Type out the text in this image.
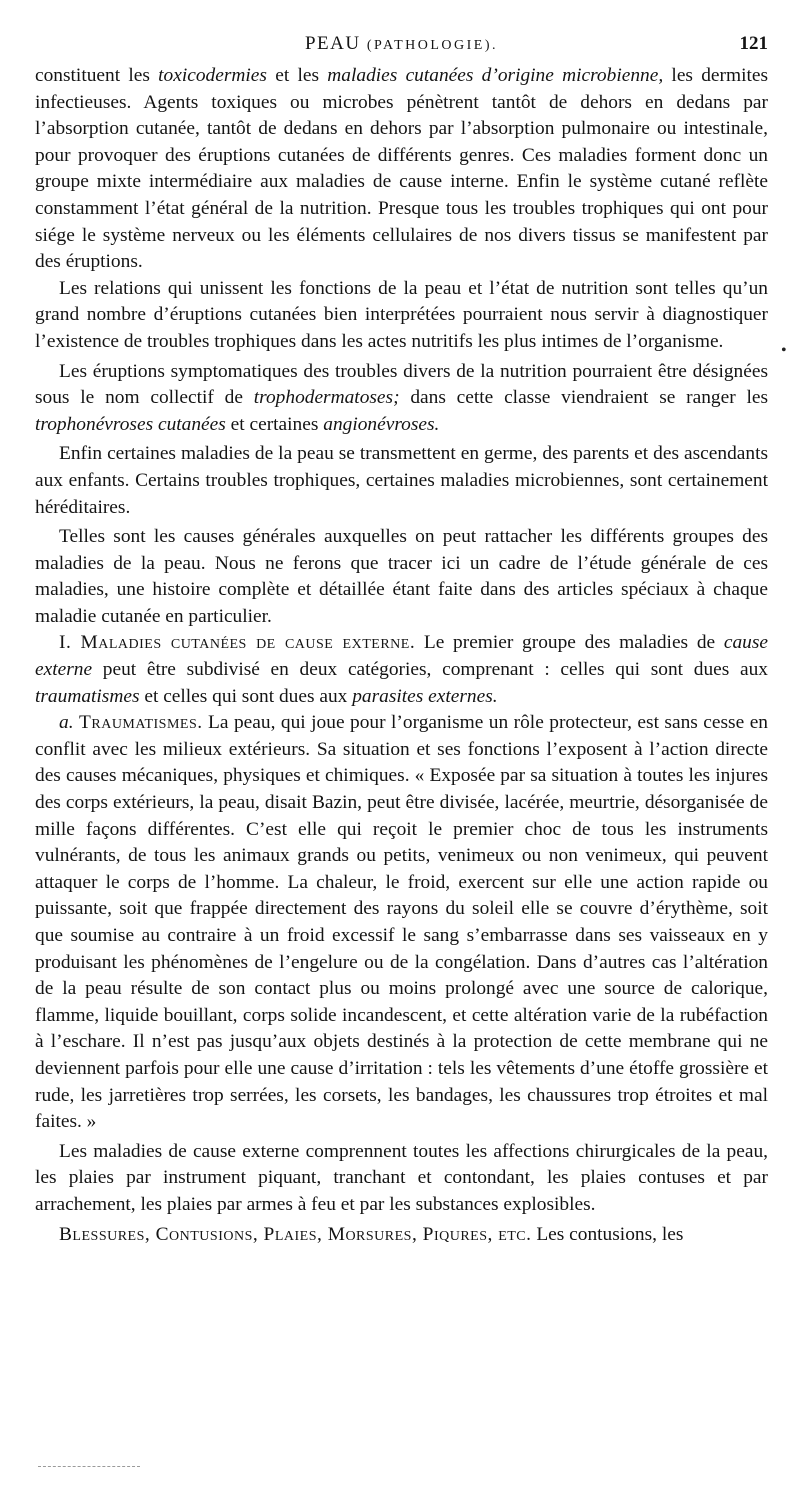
PEAU (PATHOLOGIE).	121

constituent les toxicodermies et les maladies cutanées d’origine microbienne, les dermites infectieuses. Agents toxiques ou microbes pénètrent tantôt de dehors en dedans par l’absorption cutanée, tantôt de dedans en dehors par l’absorption pulmonaire ou intestinale, pour provoquer des éruptions cutanées de différents genres. Ces maladies forment donc un groupe mixte intermédiaire aux maladies de cause interne. Enfin le système cutané reflète constamment l’état général de la nutrition. Presque tous les troubles trophiques qui ont pour siége le système nerveux ou les éléments cellulaires de nos divers tissus se manifestent par des éruptions.

Les relations qui unissent les fonctions de la peau et l’état de nutrition sont telles qu’un grand nombre d’éruptions cutanées bien interprétées pourraient nous servir à diagnostiquer l’existence de troubles trophiques dans les actes nutritifs les plus intimes de l’organisme.

Les éruptions symptomatiques des troubles divers de la nutrition pourraient être désignées sous le nom collectif de trophodermatoses; dans cette classe viendraient se ranger les trophonévroses cutanées et certaines angionévroses.

Enfin certaines maladies de la peau se transmettent en germe, des parents et des ascendants aux enfants. Certains troubles trophiques, certaines maladies microbiennes, sont certainement héréditaires.

Telles sont les causes générales auxquelles on peut rattacher les différents groupes des maladies de la peau. Nous ne ferons que tracer ici un cadre de l’étude générale de ces maladies, une histoire complète et détaillée étant faite dans des articles spéciaux à chaque maladie cutanée en particulier.

I. Maladies cutanées de cause externe. Le premier groupe des maladies de cause externe peut être subdivisé en deux catégories, comprenant : celles qui sont dues aux traumatismes et celles qui sont dues aux parasites externes.

a. Traumatismes. La peau, qui joue pour l’organisme un rôle protecteur, est sans cesse en conflit avec les milieux extérieurs. Sa situation et ses fonctions l’exposent à l’action directe des causes mécaniques, physiques et chimiques. « Exposée par sa situation à toutes les injures des corps extérieurs, la peau, disait Bazin, peut être divisée, lacérée, meurtrie, désorganisée de mille façons différentes. C’est elle qui reçoit le premier choc de tous les instruments vulnérants, de tous les animaux grands ou petits, venimeux ou non venimeux, qui peuvent attaquer le corps de l’homme. La chaleur, le froid, exercent sur elle une action rapide ou puissante, soit que frappée directement des rayons du soleil elle se couvre d’érythème, soit que soumise au contraire à un froid excessif le sang s’embarrasse dans ses vaisseaux en y produisant les phénomènes de l’engelure ou de la congélation. Dans d’autres cas l’altération de la peau résulte de son contact plus ou moins prolongé avec une source de calorique, flamme, liquide bouillant, corps solide incandescent, et cette altération varie de la rubéfaction à l’eschare. Il n’est pas jusqu’aux objets destinés à la protection de cette membrane qui ne deviennent parfois pour elle une cause d’irritation : tels les vêtements d’une étoffe grossière et rude, les jarretières trop serrées, les corsets, les bandages, les chaussures trop étroites et mal faites. »

Les maladies de cause externe comprennent toutes les affections chirurgicales de la peau, les plaies par instrument piquant, tranchant et contondant, les plaies contuses et par arrachement, les plaies par armes à feu et par les substances explosibles.

Blessures, Contusions, Plaies, Morsures, Piqures, etc. Les contusions, les

•
